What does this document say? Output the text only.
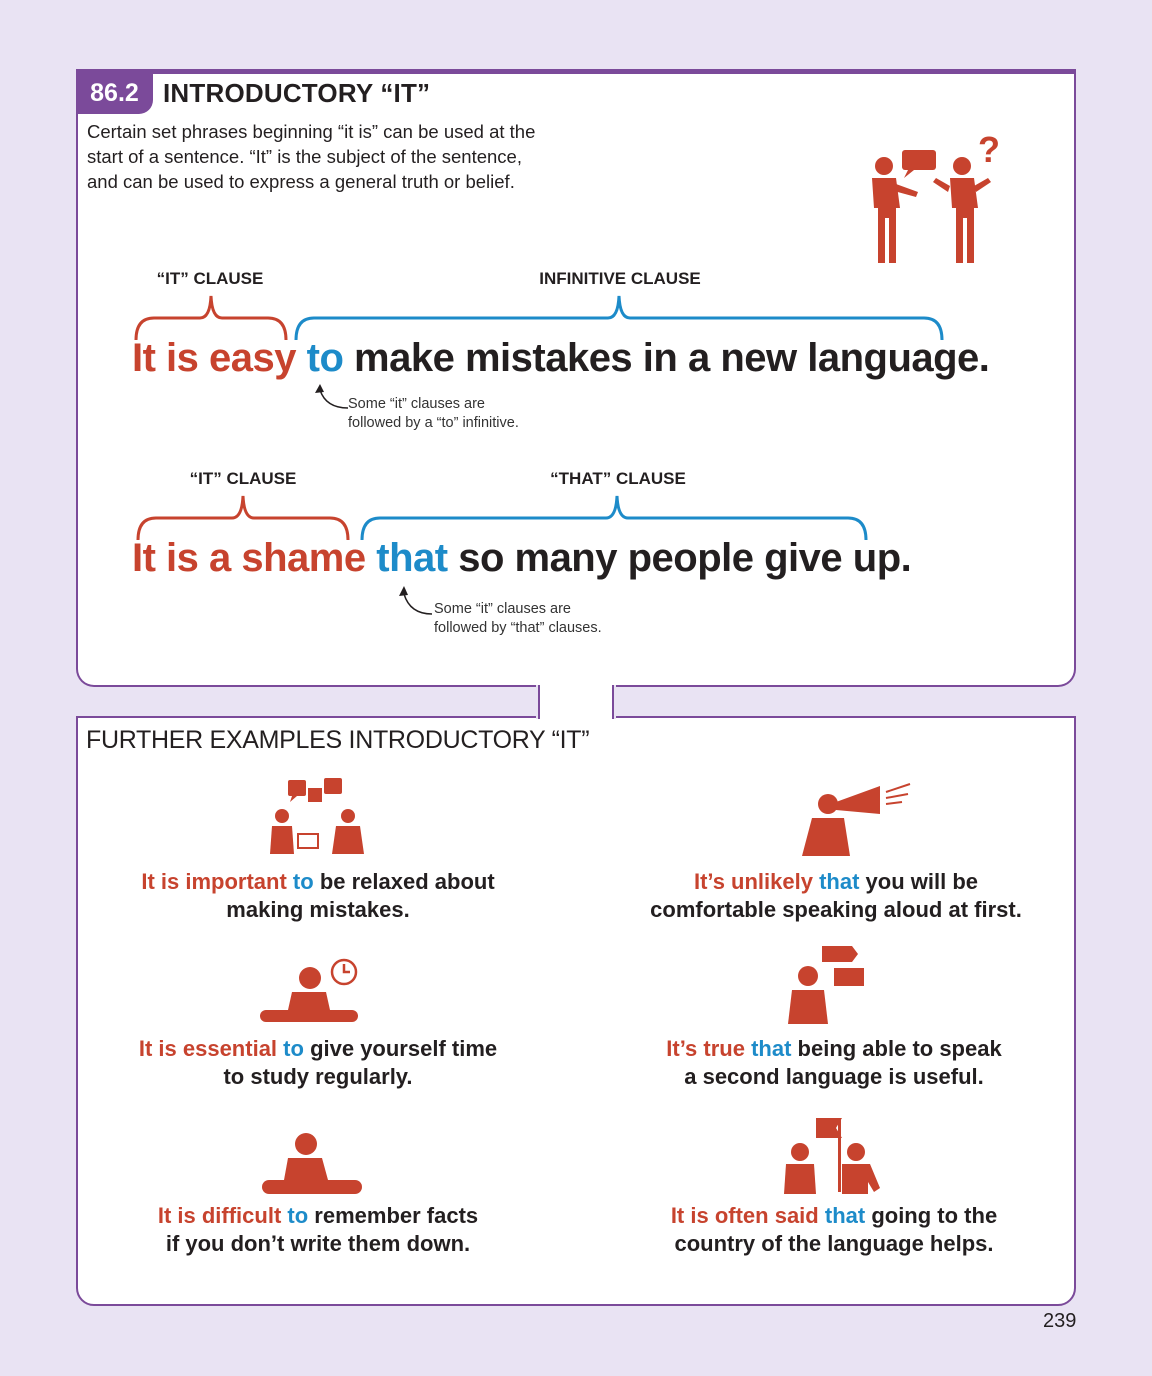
86.2 INTRODUCTORY “IT”
Certain set phrases beginning “it is” can be used at the start of a sentence. “It” is the subject of the sentence, and can be used to express a general truth or belief.
?
“IT” CLAUSE	INFINITIVE CLAUSE
It is easy to make mistakes in a new language.
Some “it” clauses are
followed by a “to” infinitive.
“IT” CLAUSE	“THAT” CLAUSE
It is a shame that so many people give up.
Some “it” clauses are
followed by “that” clauses.
FURTHER EXAMPLES INTRODUCTORY “IT”
It is important to be relaxed about
making mistakes.
It’s unlikely that you will be
comfortable speaking aloud at first.
It is essential to give yourself time
to study regularly.
It’s true that being able to speak
a second language is useful.
It is difficult to remember facts
if you don’t write them down.
It is often said that going to the
country of the language helps.
239
